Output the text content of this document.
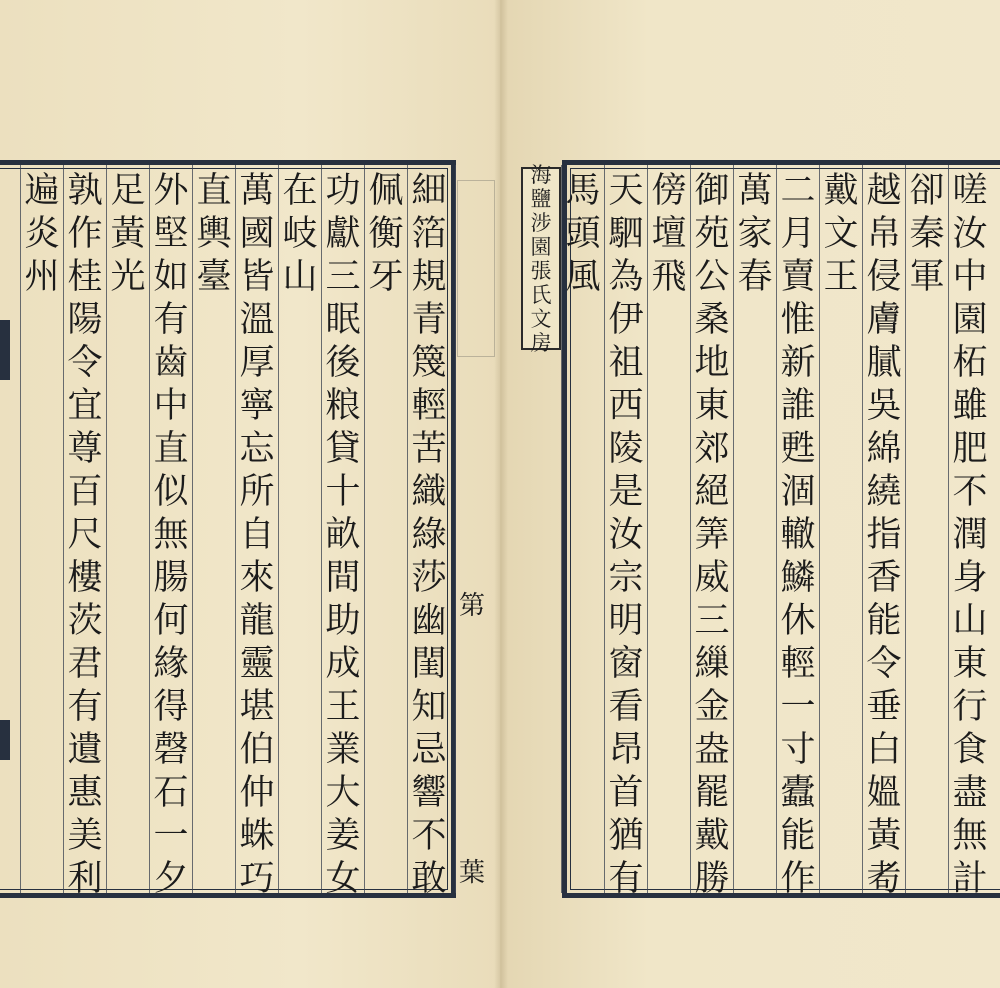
第
葉
海
鹽
涉
園
張
氏
文
房
細
箔
規
青
篾
輕
苦
織
綠
莎
幽
閨
知
忌
響
不
敢
佩
衡
牙
功
獻
三
眠
後
粮
貸
十
畝
間
助
成
王
業
大
姜
女
在
岐
山
萬
國
皆
溫
厚
寧
忘
所
自
來
龍
靈
堪
伯
仲
蛛
巧
直
輿
臺
外
堅
如
有
齒
中
直
似
無
腸
何
緣
得
磬
石
一
夕
足
黃
光
孰
作
桂
陽
令
宜
尊
百
尺
樓
茨
君
有
遺
惠
美
利
遍
炎
州
嗟
汝
中
園
柘
雖
肥
不
潤
身
山
東
行
食
盡
無
計
卻
秦
軍
越
帛
侵
膚
膩
吳
綿
繞
指
香
能
令
垂
白
媼
黃
耇
戴
文
王
二
月
賣
惟
新
誰
甦
涸
轍
鱗
休
輕
一
寸
蠹
能
作
萬
家
春
御
苑
公
桑
地
東
郊
絕
筭
威
三
繅
金
盎
罷
戴
勝
傍
壇
飛
天
駟
為
伊
祖
西
陵
是
汝
宗
明
窗
看
昂
首
猶
有
馬
頭
風
